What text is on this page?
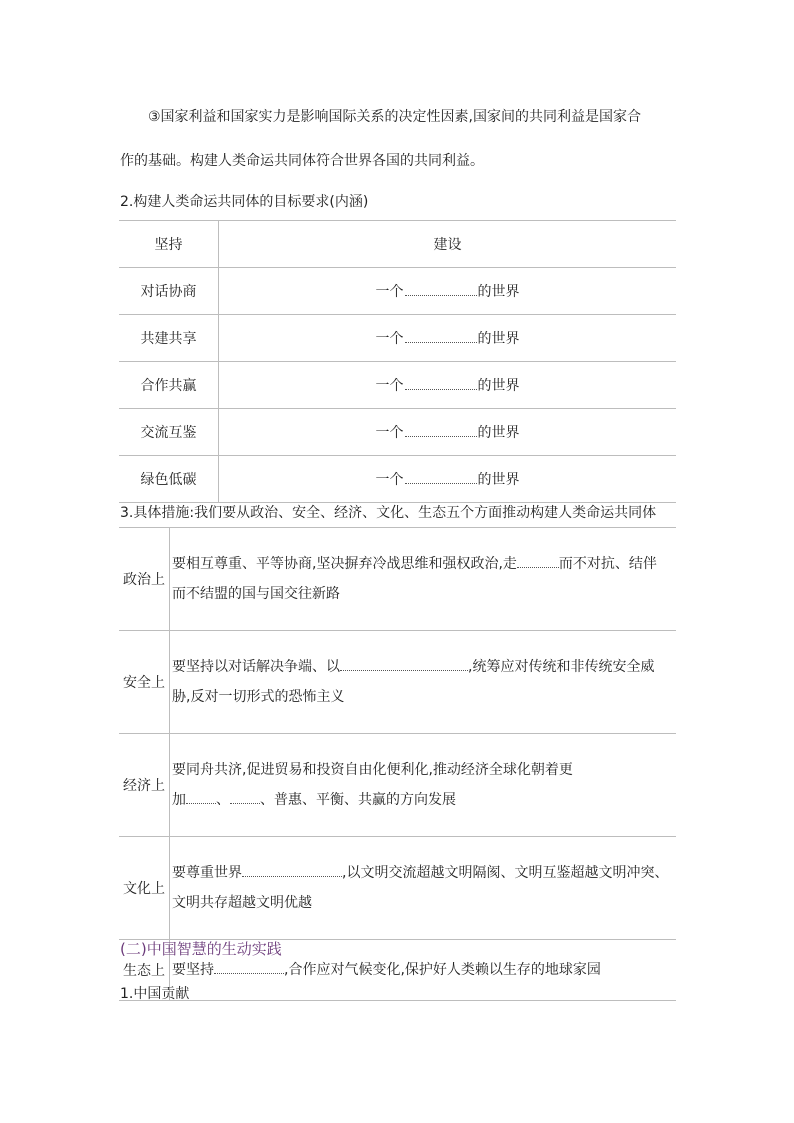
③国家利益和国家实力是影响国际关系的决定性因素,国家间的共同利益是国家合
作的基础。构建人类命运共同体符合世界各国的共同利益。
2.构建人类命运共同体的目标要求(内涵)
坚持	建设
对话协商	一个 的世界
共建共享	一个 的世界
合作共赢	一个 的世界
交流互鉴	一个 的世界
绿色低碳	一个 的世界
3.具体措施:我们要从政治、安全、经济、文化、生态五个方面推动构建人类命运共同体
政治上	要相互尊重、平等协商,坚决摒弃冷战思维和强权政治,走 而不对抗、结伴
而不结盟的国与国交往新路
安全上	要坚持以对话解决争端、以 ,统筹应对传统和非传统安全威
胁,反对一切形式的恐怖主义
经济上	要同舟共济,促进贸易和投资自由化便利化,推动经济全球化朝着更
加 、 、普惠、平衡、共赢的方向发展
文化上	要尊重世界 ,以文明交流超越文明隔阂、文明互鉴超越文明冲突、
文明共存超越文明优越
生态上	要坚持 ,合作应对气候变化,保护好人类赖以生存的地球家园
(二)中国智慧的生动实践
1.中国贡献
